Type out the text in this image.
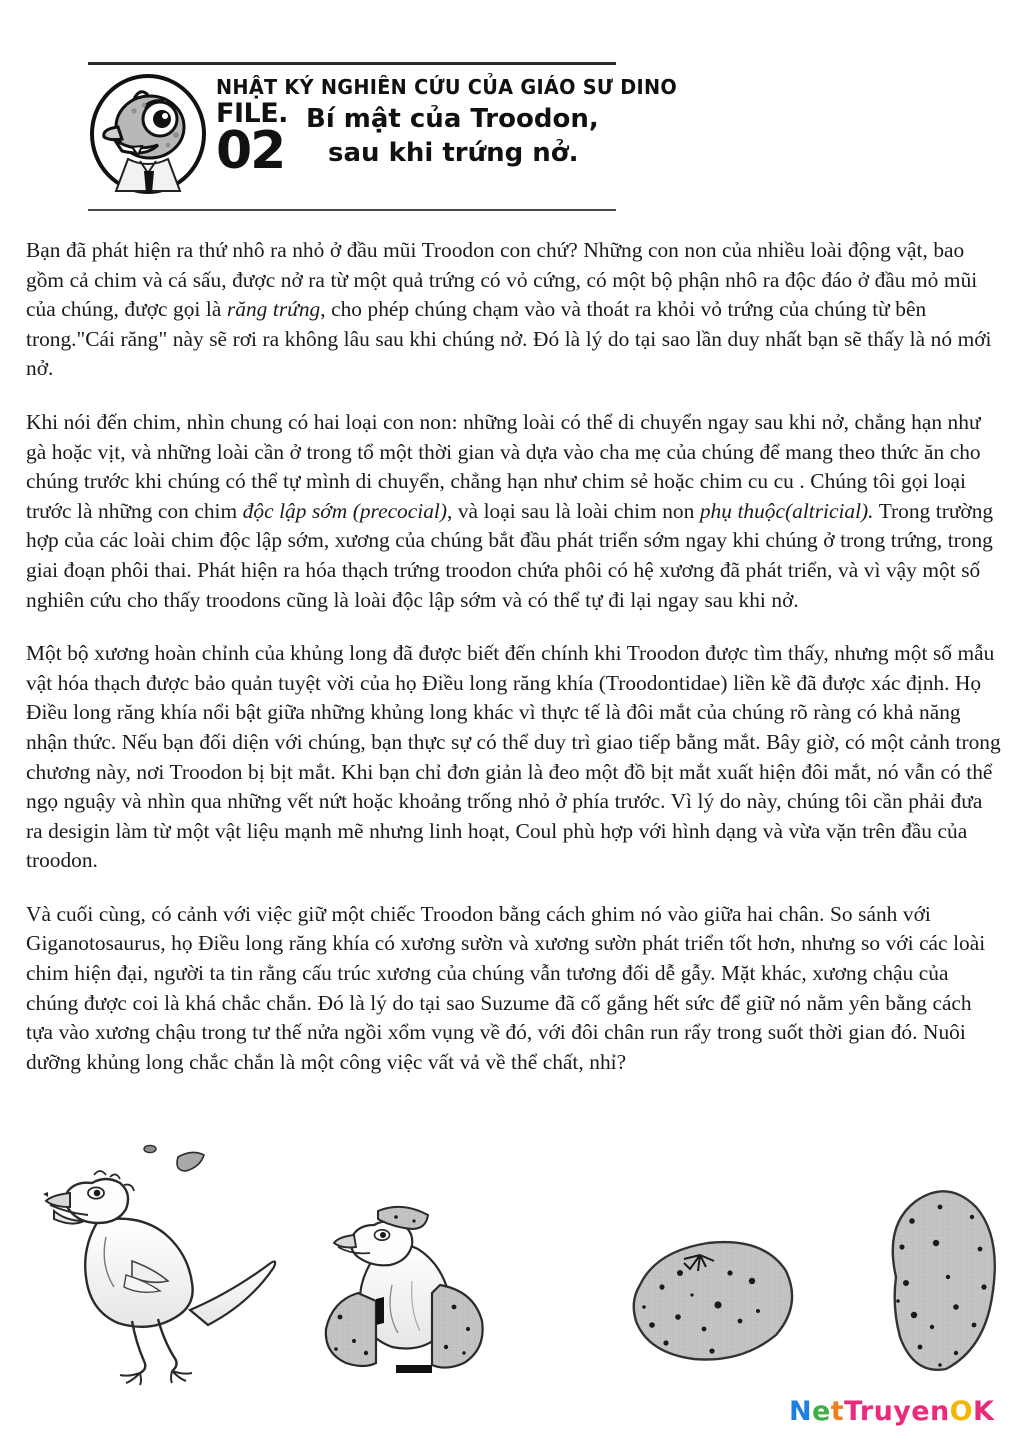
NHẬT KÝ NGHIÊN CỨU CỦA GIÁO SƯ DINO
FILE.
02
Bí mật của Troodon,
sau khi trứng nở.

Bạn đã phát hiện ra thứ nhô ra nhỏ ở đầu mũi Troodon con chứ? Những con non của nhiều loài động vật, bao gồm cả chim và cá sấu, được nở ra từ một quả trứng có vỏ cứng, có một bộ phận nhô ra độc đáo ở đầu mỏ mũi của chúng, được gọi là răng trứng, cho phép chúng chạm vào và thoát ra khỏi vỏ trứng của chúng từ bên trong."Cái răng" này sẽ rơi ra không lâu sau khi chúng nở. Đó là lý do tại sao lần duy nhất bạn sẽ thấy là nó mới nở.

Khi nói đến chim, nhìn chung có hai loại con non: những loài có thể di chuyển ngay sau khi nở, chẳng hạn như gà hoặc vịt, và những loài cần ở trong tổ một thời gian và dựa vào cha mẹ của chúng để mang theo thức ăn cho chúng trước khi chúng có thể tự mình di chuyển, chẳng hạn như chim sẻ hoặc chim cu cu . Chúng tôi gọi loại trước là những con chim độc lập sớm (precocial), và loại sau là loài chim non phụ thuộc(altricial). Trong trường hợp của các loài chim độc lập sớm, xương của chúng bắt đầu phát triển sớm ngay khi chúng ở trong trứng, trong giai đoạn phôi thai. Phát hiện ra hóa thạch trứng troodon chứa phôi có hệ xương đã phát triển, và vì vậy một số nghiên cứu cho thấy troodons cũng là loài độc lập sớm và có thể tự đi lại ngay sau khi nở.

Một bộ xương hoàn chỉnh của khủng long đã được biết đến chính khi Troodon được tìm thấy, nhưng một số mẫu vật hóa thạch được bảo quản tuyệt vời của họ Điều long răng khía (Troodontidae) liền kề đã được xác định. Họ Điều long răng khía nổi bật giữa những khủng long khác vì thực tế là đôi mắt của chúng rõ ràng có khả năng nhận thức. Nếu bạn đối diện với chúng, bạn thực sự có thể duy trì giao tiếp bằng mắt. Bây giờ, có một cảnh trong chương này, nơi Troodon bị bịt mắt. Khi bạn chỉ đơn giản là đeo một đồ bịt mắt xuất hiện đôi mắt, nó vẫn có thể ngọ nguậy và nhìn qua những vết nứt hoặc khoảng trống nhỏ ở phía trước. Vì lý do này, chúng tôi cần phải đưa ra desigin làm từ một vật liệu mạnh mẽ nhưng linh hoạt, Coul phù hợp với hình dạng và vừa vặn trên đầu của troodon.

Và cuối cùng, có cảnh với việc giữ một chiếc Troodon bằng cách ghim nó vào giữa hai chân. So sánh với Giganotosaurus, họ Điều long răng khía có xương sườn và xương sườn phát triển tốt hơn, nhưng so với các loài chim hiện đại, người ta tin rằng cấu trúc xương của chúng vẫn tương đối dễ gẫy. Mặt khác, xương chậu của chúng được coi là khá chắc chắn. Đó là lý do tại sao Suzume đã cố gắng hết sức để giữ nó nằm yên bằng cách tựa vào xương chậu trong tư thế nửa ngồi xổm vụng về đó, với đôi chân run rẩy trong suốt thời gian đó. Nuôi dưỡng khủng long chắc chắn là một công việc vất vả về thể chất, nhỉ?

NetTruyenOK
